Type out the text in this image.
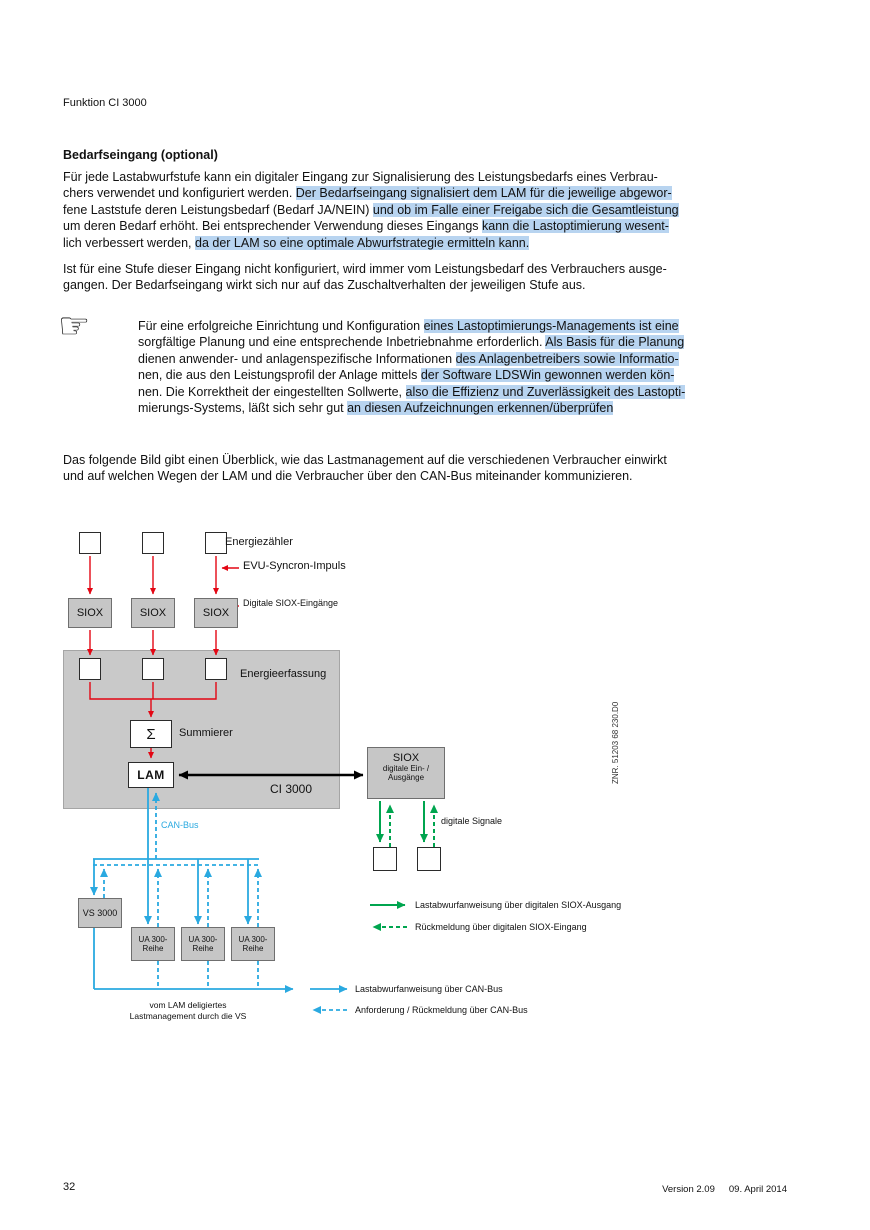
Funktion CI 3000
Bedarfseingang (optional)
Für jede Lastabwurfstufe kann ein digitaler Eingang zur Signalisierung des Leistungsbedarfs eines Verbrau-
chers verwendet und konfiguriert werden. Der Bedarfseingang signalisiert dem LAM für die jeweilige abgewor-
fene Laststufe deren Leistungsbedarf (Bedarf JA/NEIN) und ob im Falle einer Freigabe sich die Gesamtleistung
um deren Bedarf erhöht. Bei entsprechender Verwendung dieses Eingangs kann die Lastoptimierung wesent-
lich verbessert werden, da der LAM so eine optimale Abwurfstrategie ermitteln kann.
Ist für eine Stufe dieser Eingang nicht konfiguriert, wird immer vom Leistungsbedarf des Verbrauchers ausge-
gangen. Der Bedarfseingang wirkt sich nur auf das Zuschaltverhalten der jeweiligen Stufe aus.
☞	Für eine erfolgreiche Einrichtung und Konfiguration eines Lastoptimierungs-Managements ist eine
sorgfältige Planung und eine entsprechende Inbetriebnahme erforderlich. Als Basis für die Planung
dienen anwender- und anlagenspezifische Informationen des Anlagenbetreibers sowie Informatio-
nen, die aus den Leistungsprofil der Anlage mittels der Software LDSWin gewonnen werden kön-
nen. Die Korrektheit der eingestellten Sollwerte, also die Effizienz und Zuverlässigkeit des Lastopti-
mierungs-Systems, läßt sich sehr gut an diesen Aufzeichnungen erkennen/überprüfen
Das folgende Bild gibt einen Überblick, wie das Lastmanagement auf die verschiedenen Verbraucher einwirkt
und auf welchen Wegen der LAM und die Verbraucher über den CAN-Bus miteinander kommunizieren.
Energiezähler
EVU-Syncron-Impuls
SIOX	SIOX	SIOX
Digitale SIOX-Eingänge
Energieerfassung
Σ	Summierer
LAM
CI 3000
SIOX
digitale Ein- /
Ausgänge
digitale Signale
CAN-Bus
ZNR. 51203 68 230.D0
VS 3000
UA 300-
Reihe
UA 300-
Reihe
UA 300-
Reihe
vom LAM deligiertes
Lastmanagement durch die VS
Lastabwurfanweisung über digitalen SIOX-Ausgang
Rückmeldung über digitalen SIOX-Eingang
Lastabwurfanweisung über CAN-Bus
Anforderung / Rückmeldung über CAN-Bus
32	Version 2.09 09. April 2014
